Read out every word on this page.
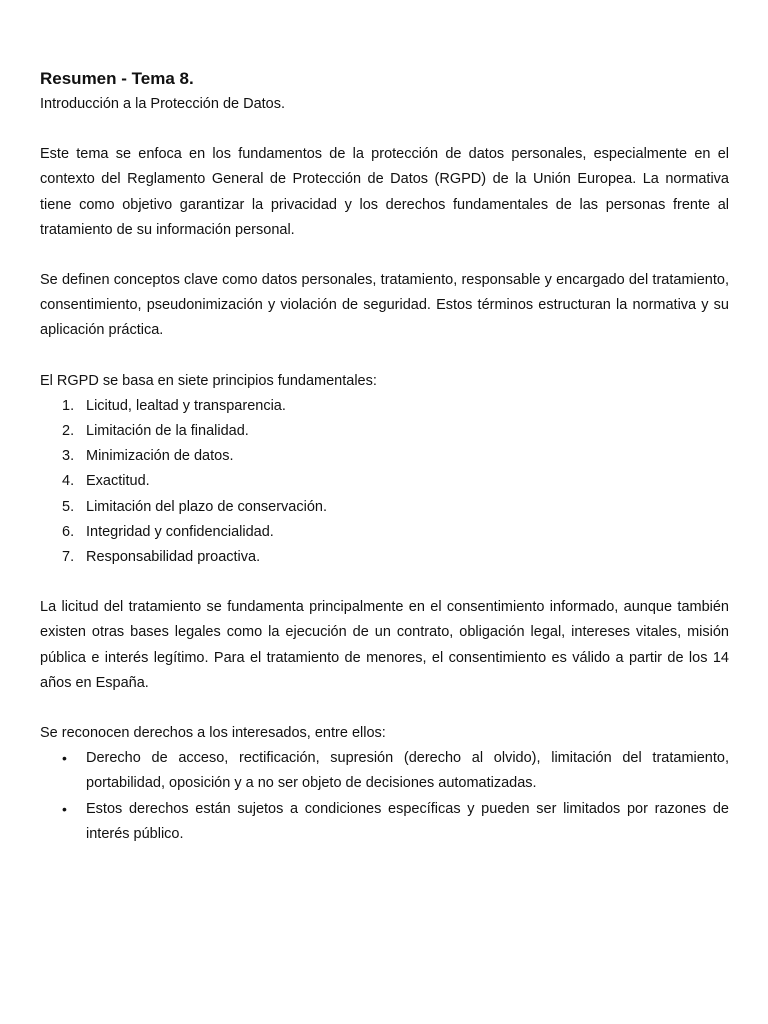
Resumen - Tema 8.

Introducción a la Protección de Datos.

Este tema se enfoca en los fundamentos de la protección de datos personales, especialmente en el contexto del Reglamento General de Protección de Datos (RGPD) de la Unión Europea. La normativa tiene como objetivo garantizar la privacidad y los derechos fundamentales de las personas frente al tratamiento de su información personal.

Se definen conceptos clave como datos personales, tratamiento, responsable y encargado del tratamiento, consentimiento, pseudonimización y violación de seguridad. Estos términos estructuran la normativa y su aplicación práctica.

El RGPD se basa en siete principios fundamentales:

1. Licitud, lealtad y transparencia.
2. Limitación de la finalidad.
3. Minimización de datos.
4. Exactitud.
5. Limitación del plazo de conservación.
6. Integridad y confidencialidad.
7. Responsabilidad proactiva.

La licitud del tratamiento se fundamenta principalmente en el consentimiento informado, aunque también existen otras bases legales como la ejecución de un contrato, obligación legal, intereses vitales, misión pública e interés legítimo. Para el tratamiento de menores, el consentimiento es válido a partir de los 14 años en España.

Se reconocen derechos a los interesados, entre ellos:

• Derecho de acceso, rectificación, supresión (derecho al olvido), limitación del tratamiento, portabilidad, oposición y a no ser objeto de decisiones automatizadas.
• Estos derechos están sujetos a condiciones específicas y pueden ser limitados por razones de interés público.
